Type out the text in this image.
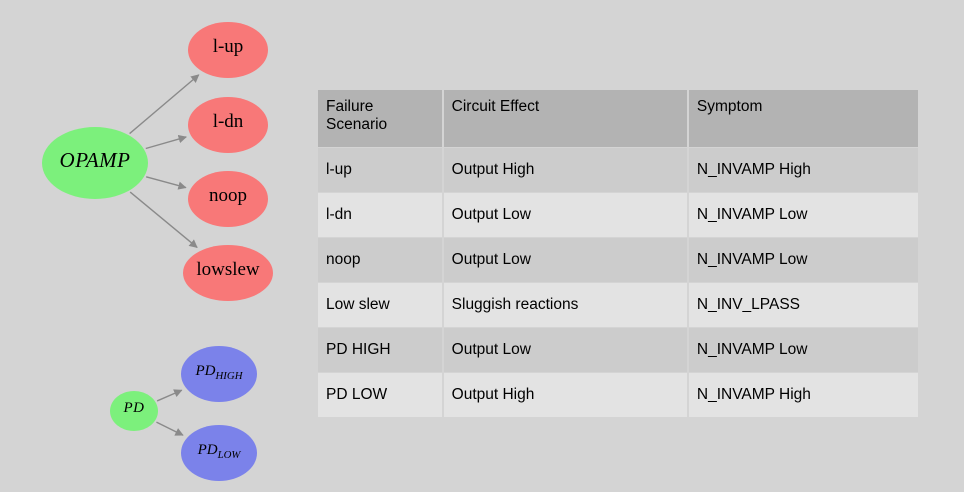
OPAMP
l-up
l-dn
noop
lowslew
PD
$PD_{HIGH}$
$PD_{LOW}$
Failure Scenario	Circuit Effect	Symptom
l-up	Output High	N_INVAMP High
l-dn	Output Low	N_INVAMP Low
noop	Output Low	N_INVAMP Low
Low slew	Sluggish reactions	N_INV_LPASS
PD HIGH	Output Low	N_INVAMP Low
PD LOW	Output High	N_INVAMP High
